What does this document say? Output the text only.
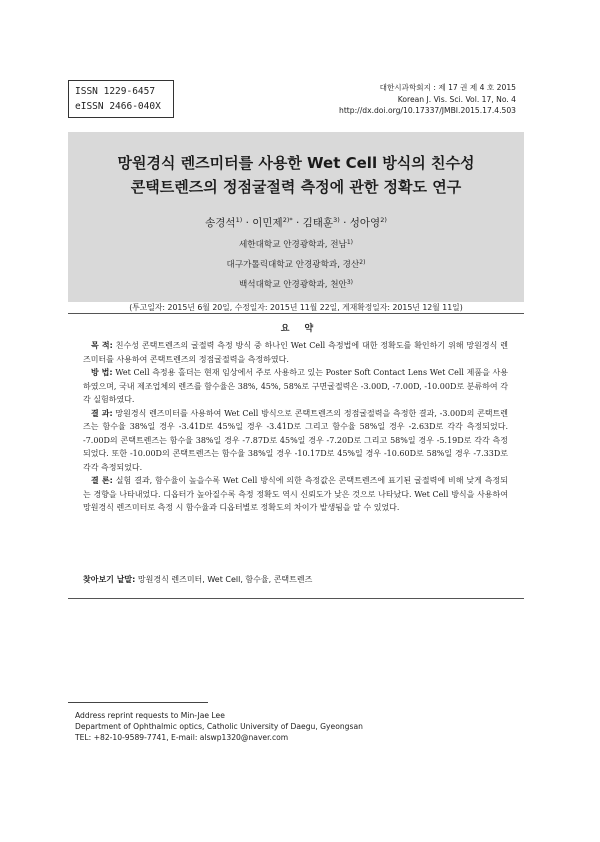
ISSN 1229-6457
eISSN 2466-040X
대한시과학회지 : 제 17 권 제 4 호 2015
Korean J. Vis. Sci. Vol. 17, No. 4
http://dx.doi.org/10.17337/JMBI.2015.17.4.503
망원경식 렌즈미터를 사용한 Wet Cell 방식의 친수성
콘택트렌즈의 정점굴절력 측정에 관한 정확도 연구
송경석$^{1)}$ · 이민제$^{2)*}$ · 김태훈$^{3)}$ · 성아영$^{2)}$
세한대학교 안경광학과, 전남$^{1)}$
대구가톨릭대학교 안경광학과, 경산$^{2)}$
백석대학교 안경광학과, 천안$^{3)}$
(투고일자: 2015년 6월 20일, 수정일자: 2015년 11월 22일, 게재확정일자: 2015년 12월 11일)
요 약

목 적: 친수성 콘택트렌즈의 굴절력 측정 방식 중 하나인 Wet Cell 측정법에 대한 정확도를 확인하기 위해 망원경식 렌즈미터를 사용하여 콘택트렌즈의 정점굴절력을 측정하였다.

방 법: Wet Cell 측정용 홀더는 현재 임상에서 주로 사용하고 있는 Poster Soft Contact Lens Wet Cell 제품을 사용하였으며, 국내 제조업체의 렌즈를 함수율은 38%, 45%, 58%로 구면굴절력은 -3.00D, -7.00D, -10.00D로 분류하여 각각 실험하였다.

결 과: 망원경식 렌즈미터를 사용하여 Wet Cell 방식으로 콘택트렌즈의 정점굴절력을 측정한 결과, -3.00D의 콘택트렌즈는 함수율 38%일 경우 -3.41D로 45%일 경우 -3.41D로 그리고 함수율 58%일 경우 -2.63D로 각각 측정되었다. -7.00D의 콘택트렌즈는 함수율 38%일 경우 -7.87D로 45%일 경우 -7.20D로 그리고 58%일 경우 -5.19D로 각각 측정되었다. 또한 -10.00D의 콘택트렌즈는 함수율 38%일 경우 -10.17D로 45%일 경우 -10.60D로 58%일 경우 -7.33D로 각각 측정되었다.

결 론: 실험 결과, 함수율이 높을수록 Wet Cell 방식에 의한 측정값은 콘택트렌즈에 표기된 굴절력에 비해 낮게 측정되는 경향을 나타내었다. 디옵터가 높아질수록 측정 정확도 역시 신뢰도가 낮은 것으로 나타났다. Wet Cell 방식을 사용하여 망원경식 렌즈미터로 측정 시 함수율과 디옵터별로 정확도의 차이가 발생됨을 알 수 있었다.

찾아보기 낱말: 망원경식 렌즈미터, Wet Cell, 함수율, 콘택트렌즈
Address reprint requests to Min-Jae Lee
Department of Ophthalmic optics, Catholic University of Daegu, Gyeongsan
TEL: +82-10-9589-7741, E-mail: alswp1320@naver.com
